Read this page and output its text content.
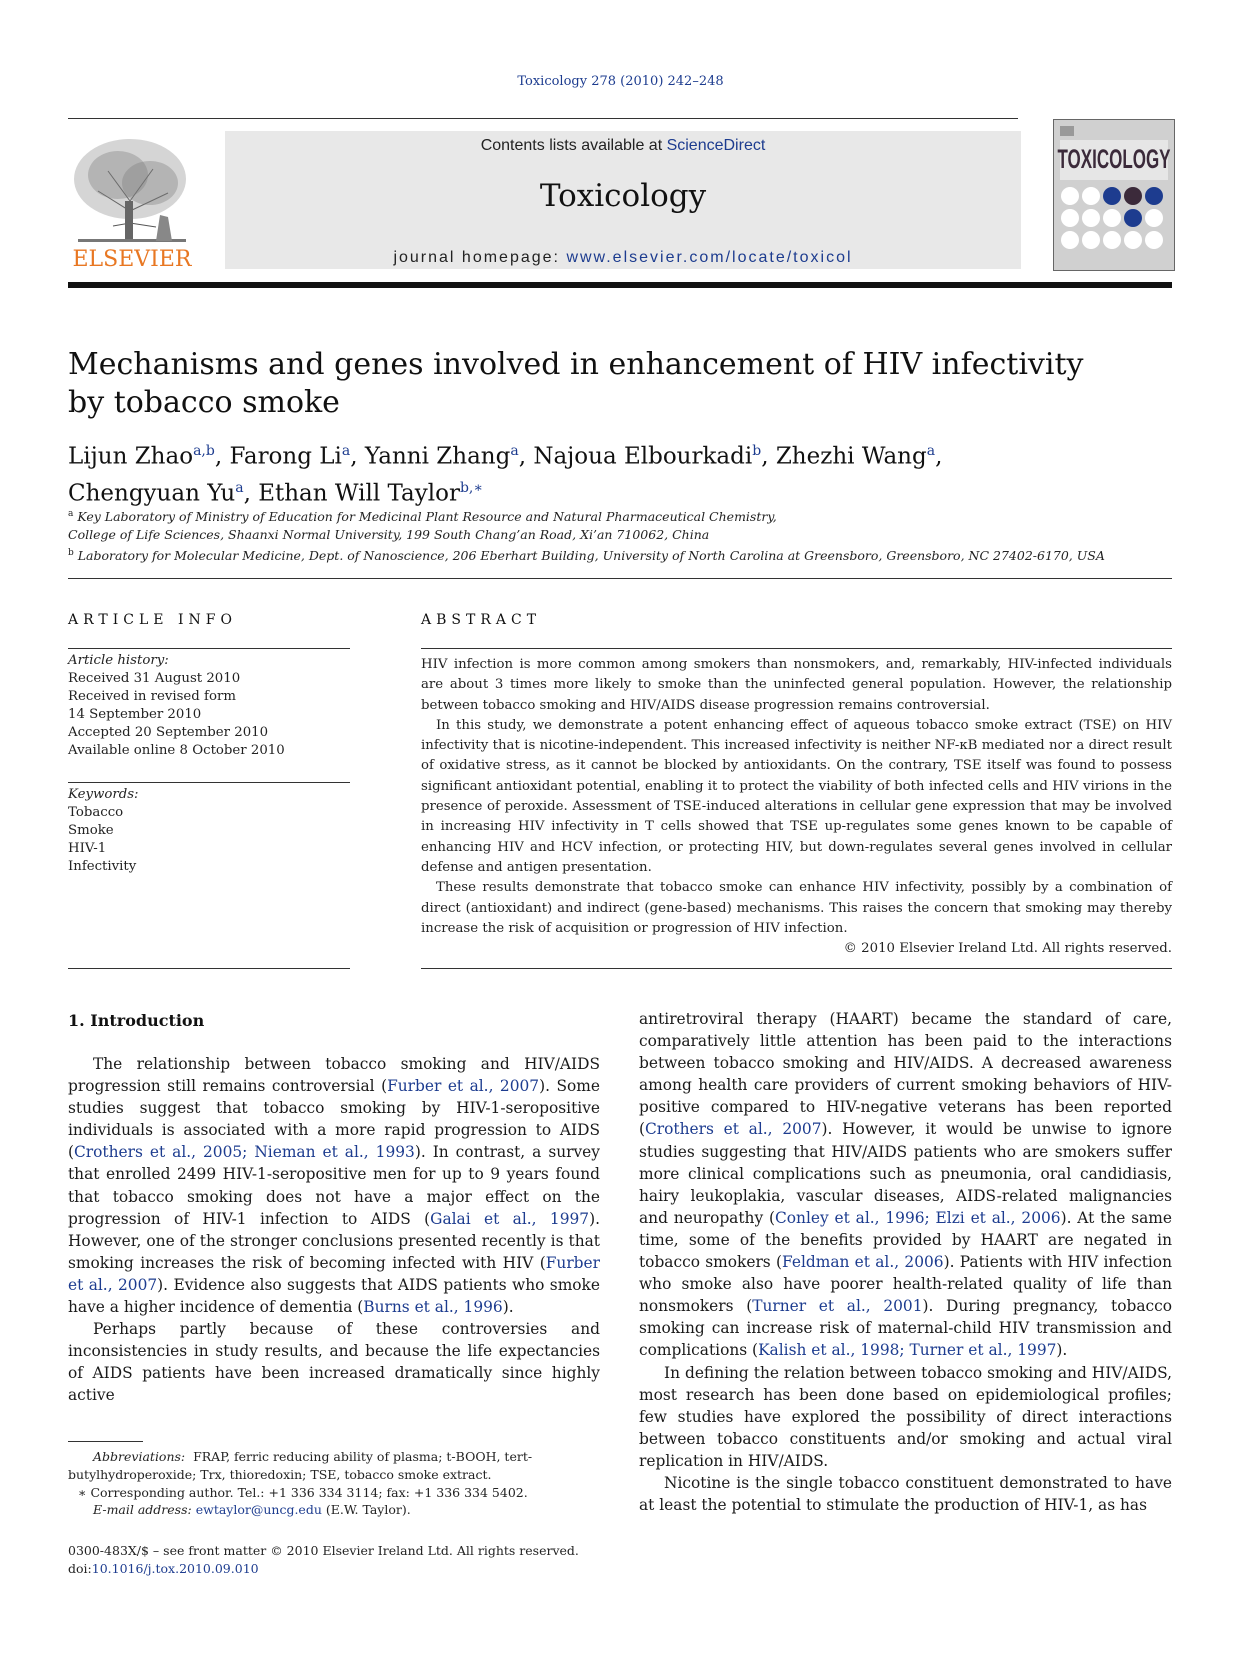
Toxicology 278 (2010) 242–248
ELSEVIER
Contents lists available at ScienceDirect
Toxicology
journal homepage: www.elsevier.com/locate/toxicol
TOXICOLOGY
Mechanisms and genes involved in enhancement of HIV infectivity
by tobacco smoke
Lijun Zhao$^{a,b}$, Farong Li$^a$, Yanni Zhang$^a$, Najoua Elbourkadi$^b$, Zhezhi Wang$^a$,
Chengyuan Yu$^a$, Ethan Will Taylor$^{b,∗}$
$^a$ Key Laboratory of Ministry of Education for Medicinal Plant Resource and Natural Pharmaceutical Chemistry,
College of Life Sciences, Shaanxi Normal University, 199 South Chang’an Road, Xi’an 710062, China
$^b$ Laboratory for Molecular Medicine, Dept. of Nanoscience, 206 Eberhart Building, University of North Carolina at Greensboro, Greensboro, NC 27402-6170, USA
ARTICLE INFO
Article history:
Received 31 August 2010
Received in revised form
14 September 2010
Accepted 20 September 2010
Available online 8 October 2010
Keywords:
Tobacco
Smoke
HIV-1
Infectivity
ABSTRACT

HIV infection is more common among smokers than nonsmokers, and, remarkably, HIV-infected individuals are about 3 times more likely to smoke than the uninfected general population. However, the relationship between tobacco smoking and HIV/AIDS disease progression remains controversial.

In this study, we demonstrate a potent enhancing effect of aqueous tobacco smoke extract (TSE) on HIV infectivity that is nicotine-independent. This increased infectivity is neither NF-κB mediated nor a direct result of oxidative stress, as it cannot be blocked by antioxidants. On the contrary, TSE itself was found to possess significant antioxidant potential, enabling it to protect the viability of both infected cells and HIV virions in the presence of peroxide. Assessment of TSE-induced alterations in cellular gene expression that may be involved in increasing HIV infectivity in T cells showed that TSE up-regulates some genes known to be capable of enhancing HIV and HCV infection, or protecting HIV, but down-regulates several genes involved in cellular defense and antigen presentation.

These results demonstrate that tobacco smoke can enhance HIV infectivity, possibly by a combination of direct (antioxidant) and indirect (gene-based) mechanisms. This raises the concern that smoking may thereby increase the risk of acquisition or progression of HIV infection.

© 2010 Elsevier Ireland Ltd. All rights reserved.
1. Introduction

The relationship between tobacco smoking and HIV/AIDS progression still remains controversial (Furber et al., 2007). Some studies suggest that tobacco smoking by HIV-1-seropositive individuals is associated with a more rapid progression to AIDS (Crothers et al., 2005; Nieman et al., 1993). In contrast, a survey that enrolled 2499 HIV-1-seropositive men for up to 9 years found that tobacco smoking does not have a major effect on the progression of HIV-1 infection to AIDS (Galai et al., 1997). However, one of the stronger conclusions presented recently is that smoking increases the risk of becoming infected with HIV (Furber et al., 2007). Evidence also suggests that AIDS patients who smoke have a higher incidence of dementia (Burns et al., 1996).

Perhaps partly because of these controversies and inconsistencies in study results, and because the life expectancies of AIDS patients have been increased dramatically since highly active

antiretroviral therapy (HAART) became the standard of care, comparatively little attention has been paid to the interactions between tobacco smoking and HIV/AIDS. A decreased awareness among health care providers of current smoking behaviors of HIV-positive compared to HIV-negative veterans has been reported (Crothers et al., 2007). However, it would be unwise to ignore studies suggesting that HIV/AIDS patients who are smokers suffer more clinical complications such as pneumonia, oral candidiasis, hairy leukoplakia, vascular diseases, AIDS-related malignancies and neuropathy (Conley et al., 1996; Elzi et al., 2006). At the same time, some of the benefits provided by HAART are negated in tobacco smokers (Feldman et al., 2006). Patients with HIV infection who smoke also have poorer health-related quality of life than nonsmokers (Turner et al., 2001). During pregnancy, tobacco smoking can increase risk of maternal-child HIV transmission and complications (Kalish et al., 1998; Turner et al., 1997).

In defining the relation between tobacco smoking and HIV/AIDS, most research has been done based on epidemiological profiles; few studies have explored the possibility of direct interactions between tobacco constituents and/or smoking and actual viral replication in HIV/AIDS.

Nicotine is the single tobacco constituent demonstrated to have at least the potential to stimulate the production of HIV-1, as has

Abbreviations: FRAP, ferric reducing ability of plasma; t-BOOH, tert-butylhydroperoxide; Trx, thioredoxin; TSE, tobacco smoke extract.

∗ Corresponding author. Tel.: +1 336 334 3114; fax: +1 336 334 5402.

E-mail address: ewtaylor@uncg.edu (E.W. Taylor).

0300-483X/$ – see front matter © 2010 Elsevier Ireland Ltd. All rights reserved.
doi:10.1016/j.tox.2010.09.010
